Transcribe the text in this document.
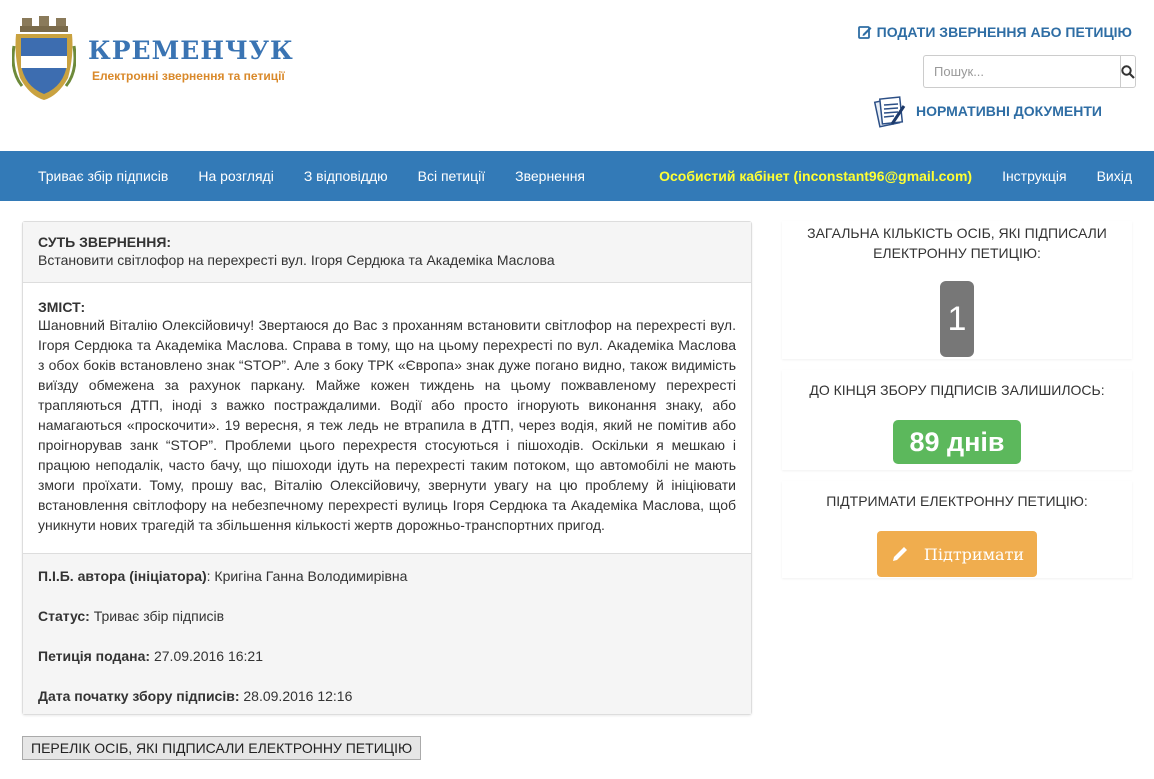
кременчук
Електронні звернення та петиції
ПОДАТИ ЗВЕРНЕННЯ АБО ПЕТИЦІЮ
Пошук...
НОРМАТИВНІ ДОКУМЕНТИ
Триває збір підписів	На розгляді	З відповіддю	Всі петиції	Звернення	Особистий кабінет (inconstant96@gmail.com)	Інструкція	Вихід
СУТЬ ЗВЕРНЕННЯ:
Встановити світлофор на перехресті вул. Ігоря Сердюка та Академіка Маслова
ЗМІСТ:
Шановний Віталію Олексійовичу! Звертаюся до Вас з проханням встановити світлофор на перехресті вул. Ігоря Сердюка та Академіка Маслова. Справа в тому, що на цьому перехресті по вул. Академіка Маслова з обох боків встановлено знак “STOP”. Але з боку ТРК «Європа» знак дуже погано видно, також видимість виїзду обмежена за рахунок паркану. Майже кожен тиждень на цьому пожвавленому перехресті трапляються ДТП, іноді з важко постраждалими. Водії або просто ігнорують виконання знаку, або намагаються «проскочити». 19 вересня, я теж ледь не втрапила в ДТП, через водія, який не помітив або проігнорував занк “STOP”. Проблеми цього перехрестя стосуються і пішоходів. Оскільки я мешкаю і працюю неподалік, часто бачу, що пішоходи ідуть на перехресті таким потоком, що автомобілі не мають змоги проїхати. Тому, прошу вас, Віталію Олексійовичу, звернути увагу на цю проблему й ініціювати встановлення світлофору на небезпечному перехресті вулиць Ігоря Сердюка та Академіка Маслова, щоб уникнути нових трагедій та збільшення кількості жертв дорожньо-транспортних пригод.
П.І.Б. автора (ініціатора): Кригіна Ганна Володимирівна
Статус: Триває збір підписів
Петиція подана: 27.09.2016 16:21
Дата початку збору підписів: 28.09.2016 12:16
ПЕРЕЛІК ОСІБ, ЯКІ ПІДПИСАЛИ ЕЛЕКТРОННУ ПЕТИЦІЮ
ЗАГАЛЬНА КІЛЬКІСТЬ ОСІБ, ЯКІ ПІДПИСАЛИ ЕЛЕКТРОННУ ПЕТИЦІЮ:
1
ДО КІНЦЯ ЗБОРУ ПІДПИСІВ ЗАЛИШИЛОСЬ:
89 днів
ПІДТРИМАТИ ЕЛЕКТРОННУ ПЕТИЦІЮ:
Підтримати
